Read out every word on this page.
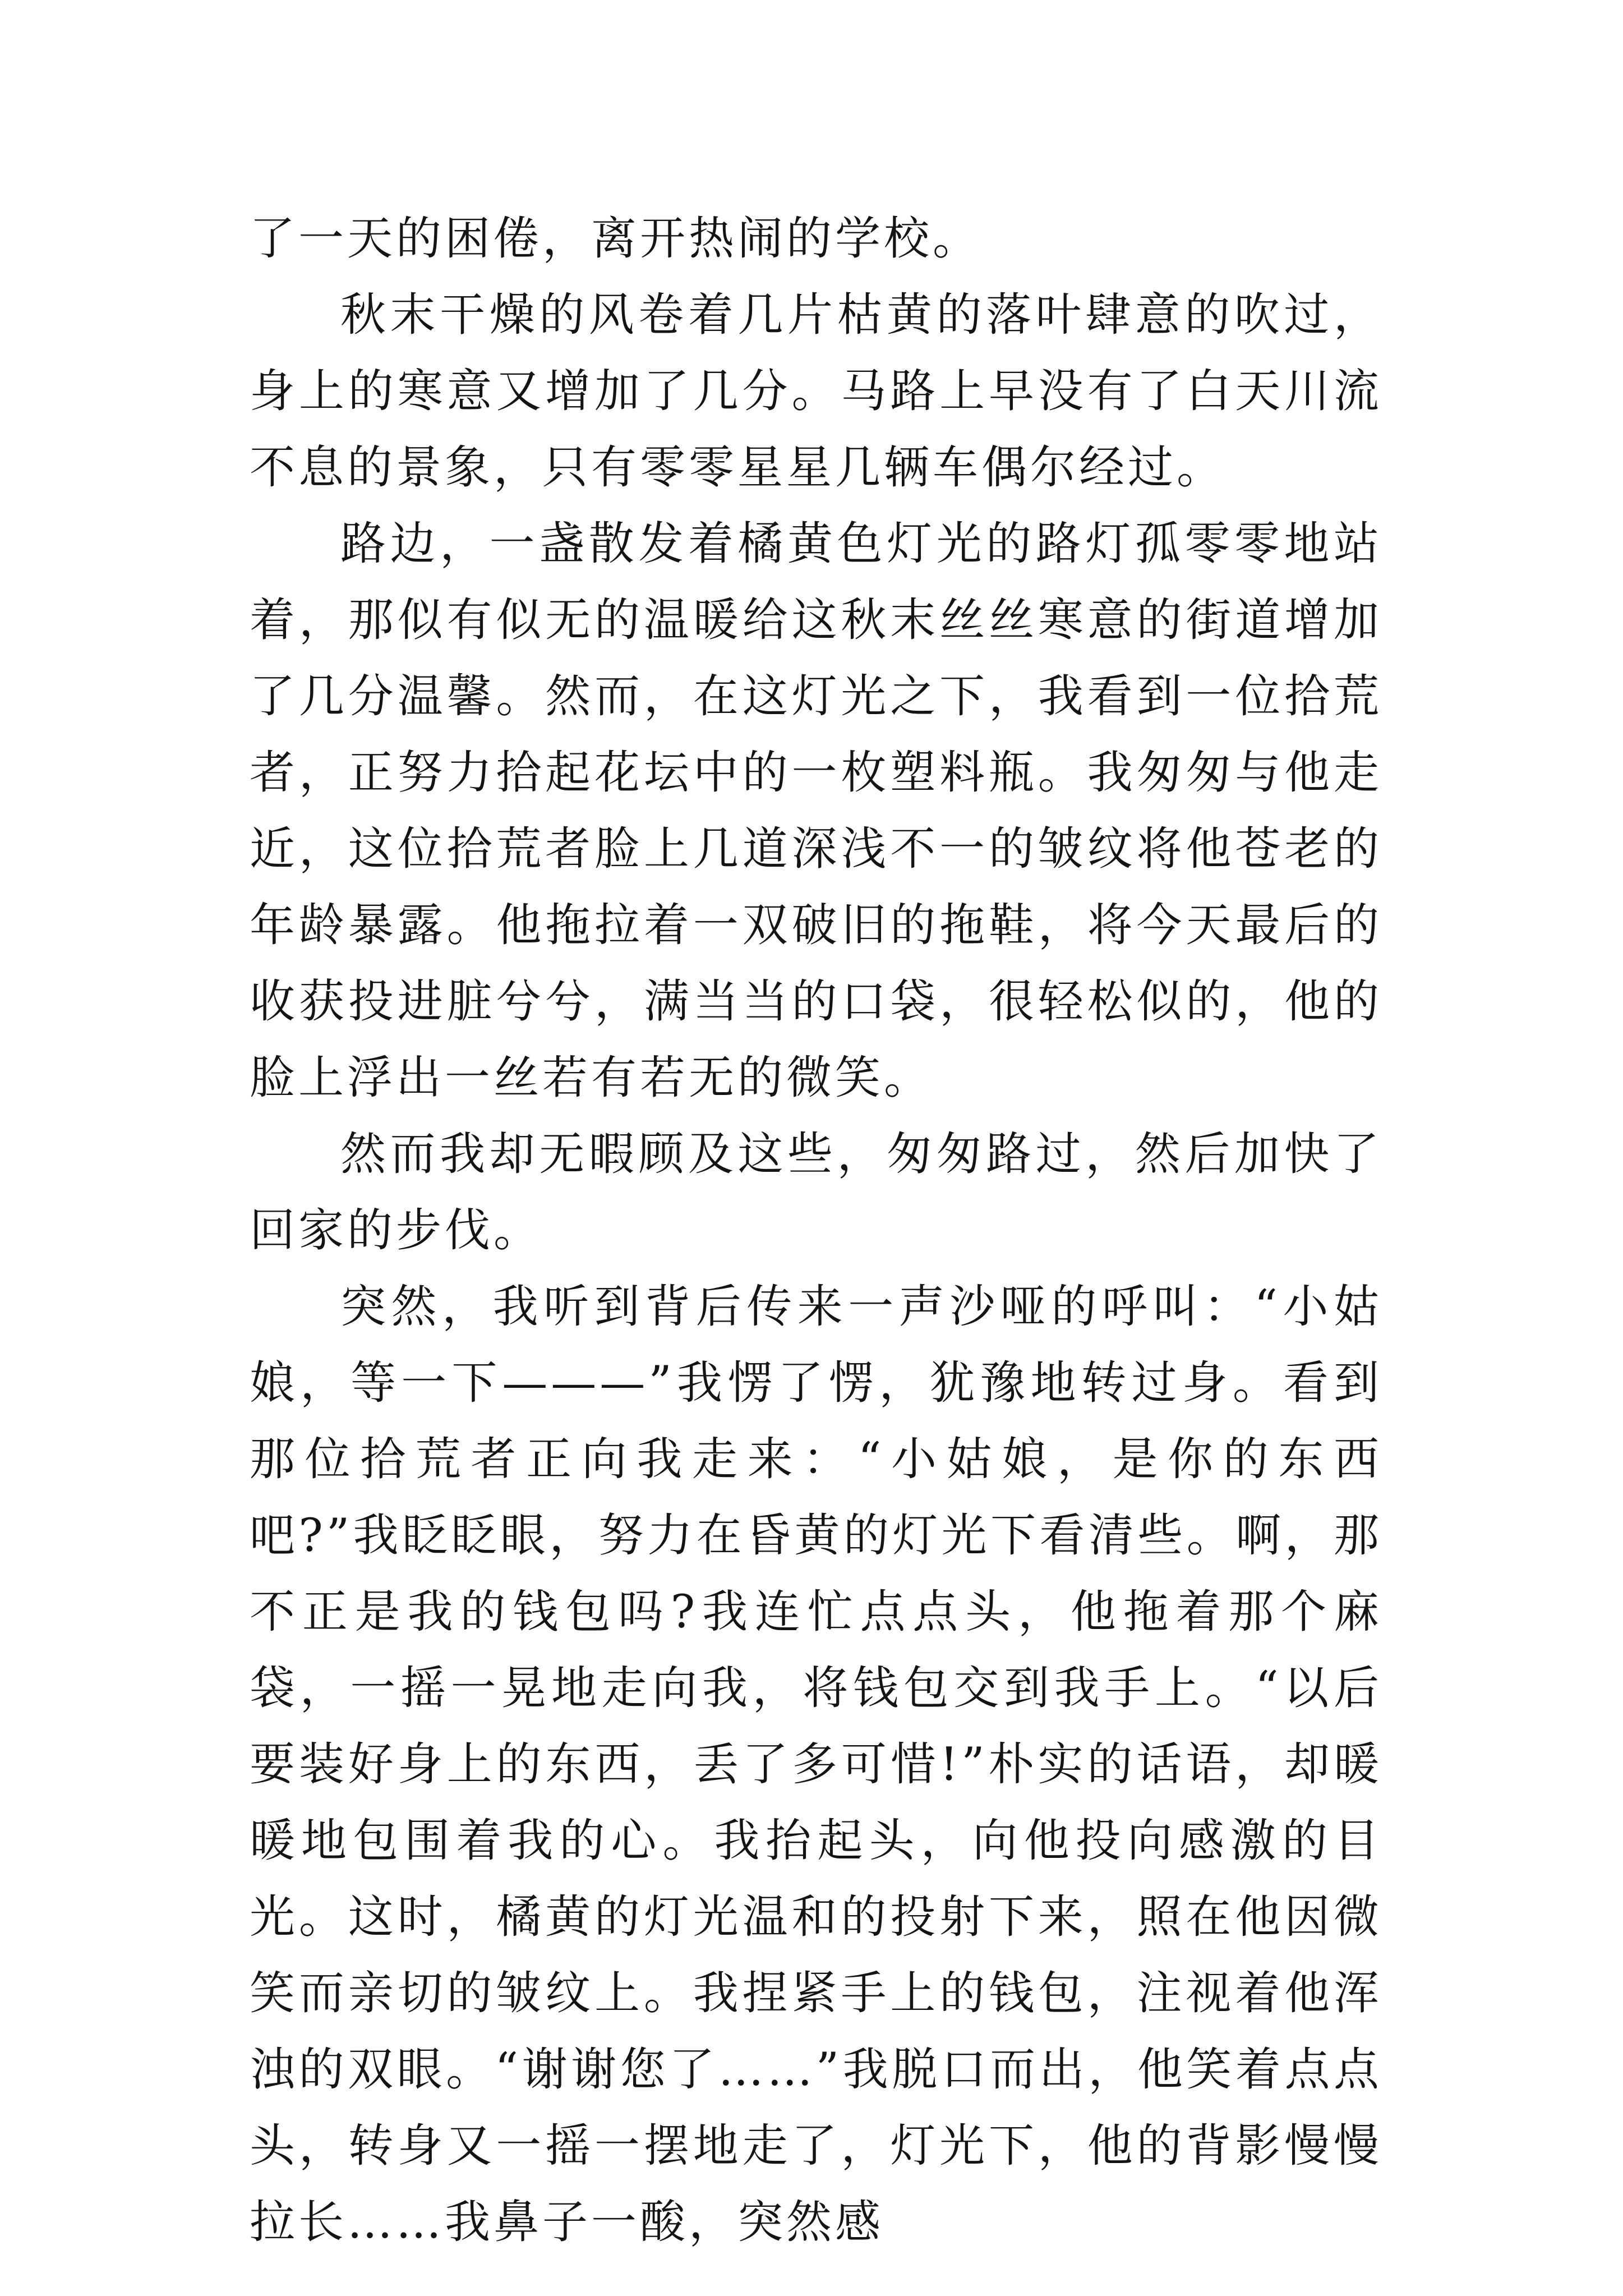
了一天的困倦，离开热闹的学校。

秋末干燥的风卷着几片枯黄的落叶肆意的吹过，身上的寒意又增加了几分。马路上早没有了白天川流不息的景象，只有零零星星几辆车偶尔经过。

路边，一盏散发着橘黄色灯光的路灯孤零零地站着，那似有似无的温暖给这秋末丝丝寒意的街道增加了几分温馨。然而，在这灯光之下，我看到一位拾荒者，正努力拾起花坛中的一枚塑料瓶。我匆匆与他走近，这位拾荒者脸上几道深浅不一的皱纹将他苍老的年龄暴露。他拖拉着一双破旧的拖鞋，将今天最后的收获投进脏兮兮，满当当的口袋，很轻松似的，他的脸上浮出一丝若有若无的微笑。

然而我却无暇顾及这些，匆匆路过，然后加快了回家的步伐。

突然，我听到背后传来一声沙哑的呼叫：“小姑娘，等一下———”我愣了愣，犹豫地转过身。看到那位拾荒者正向我走来：“小姑娘，是你的东西吧?”我眨眨眼，努力在昏黄的灯光下看清些。啊，那不正是我的钱包吗?我连忙点点头，他拖着那个麻袋，一摇一晃地走向我，将钱包交到我手上。“以后要装好身上的东西，丢了多可惜!”朴实的话语，却暖暖地包围着我的心。我抬起头，向他投向感激的目光。这时，橘黄的灯光温和的投射下来，照在他因微笑而亲切的皱纹上。我捏紧手上的钱包，注视着他浑浊的双眼。“谢谢您了……”我脱口而出，他笑着点点头，转身又一摇一摆地走了，灯光下，他的背影慢慢拉长……我鼻子一酸，突然感
